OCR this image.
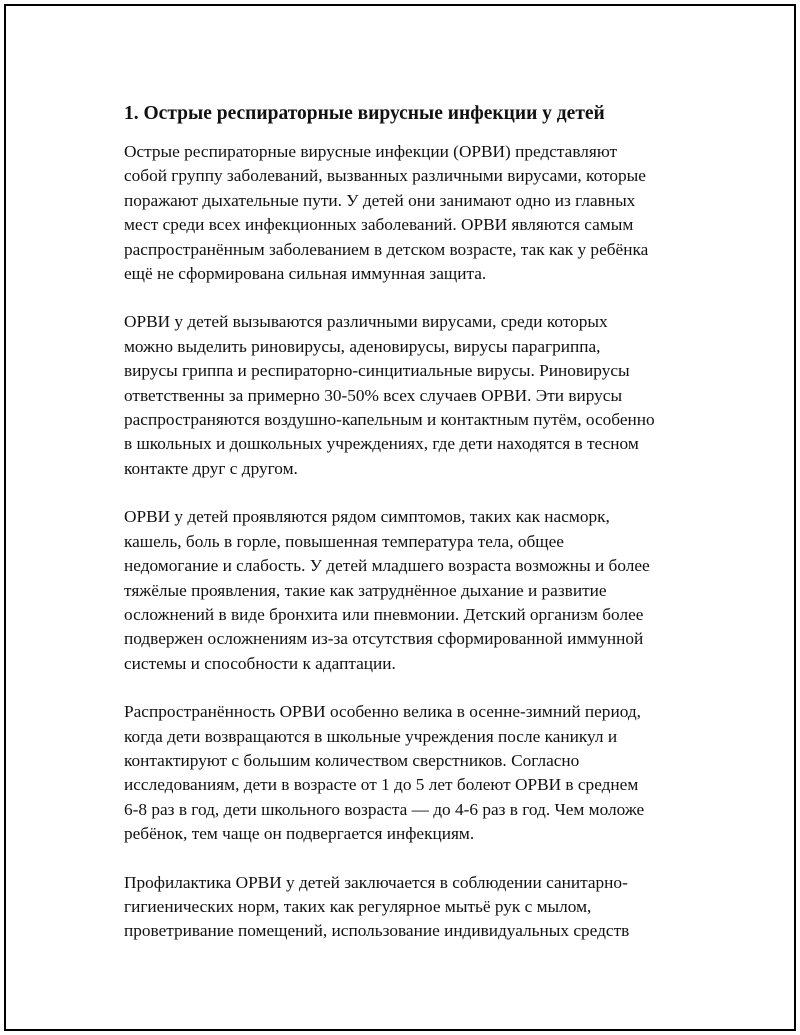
1. Острые респираторные вирусные инфекции у детей

Острые респираторные вирусные инфекции (ОРВИ) представляют
собой группу заболеваний, вызванных различными вирусами, которые
поражают дыхательные пути. У детей они занимают одно из главных
мест среди всех инфекционных заболеваний. ОРВИ являются самым
распространённым заболеванием в детском возрасте, так как у ребёнка
ещё не сформирована сильная иммунная защита.

ОРВИ у детей вызываются различными вирусами, среди которых
можно выделить риновирусы, аденовирусы, вирусы парагриппа,
вирусы гриппа и респираторно-синцитиальные вирусы. Риновирусы
ответственны за примерно 30-50% всех случаев ОРВИ. Эти вирусы
распространяются воздушно-капельным и контактным путём, особенно
в школьных и дошкольных учреждениях, где дети находятся в тесном
контакте друг с другом.

ОРВИ у детей проявляются рядом симптомов, таких как насморк,
кашель, боль в горле, повышенная температура тела, общее
недомогание и слабость. У детей младшего возраста возможны и более
тяжёлые проявления, такие как затруднённое дыхание и развитие
осложнений в виде бронхита или пневмонии. Детский организм более
подвержен осложнениям из-за отсутствия сформированной иммунной
системы и способности к адаптации.

Распространённость ОРВИ особенно велика в осенне-зимний период,
когда дети возвращаются в школьные учреждения после каникул и
контактируют с большим количеством сверстников. Согласно
исследованиям, дети в возрасте от 1 до 5 лет болеют ОРВИ в среднем
6-8 раз в год, дети школьного возраста — до 4-6 раз в год. Чем моложе
ребёнок, тем чаще он подвергается инфекциям.

Профилактика ОРВИ у детей заключается в соблюдении санитарно-
гигиенических норм, таких как регулярное мытьё рук с мылом,
проветривание помещений, использование индивидуальных средств
